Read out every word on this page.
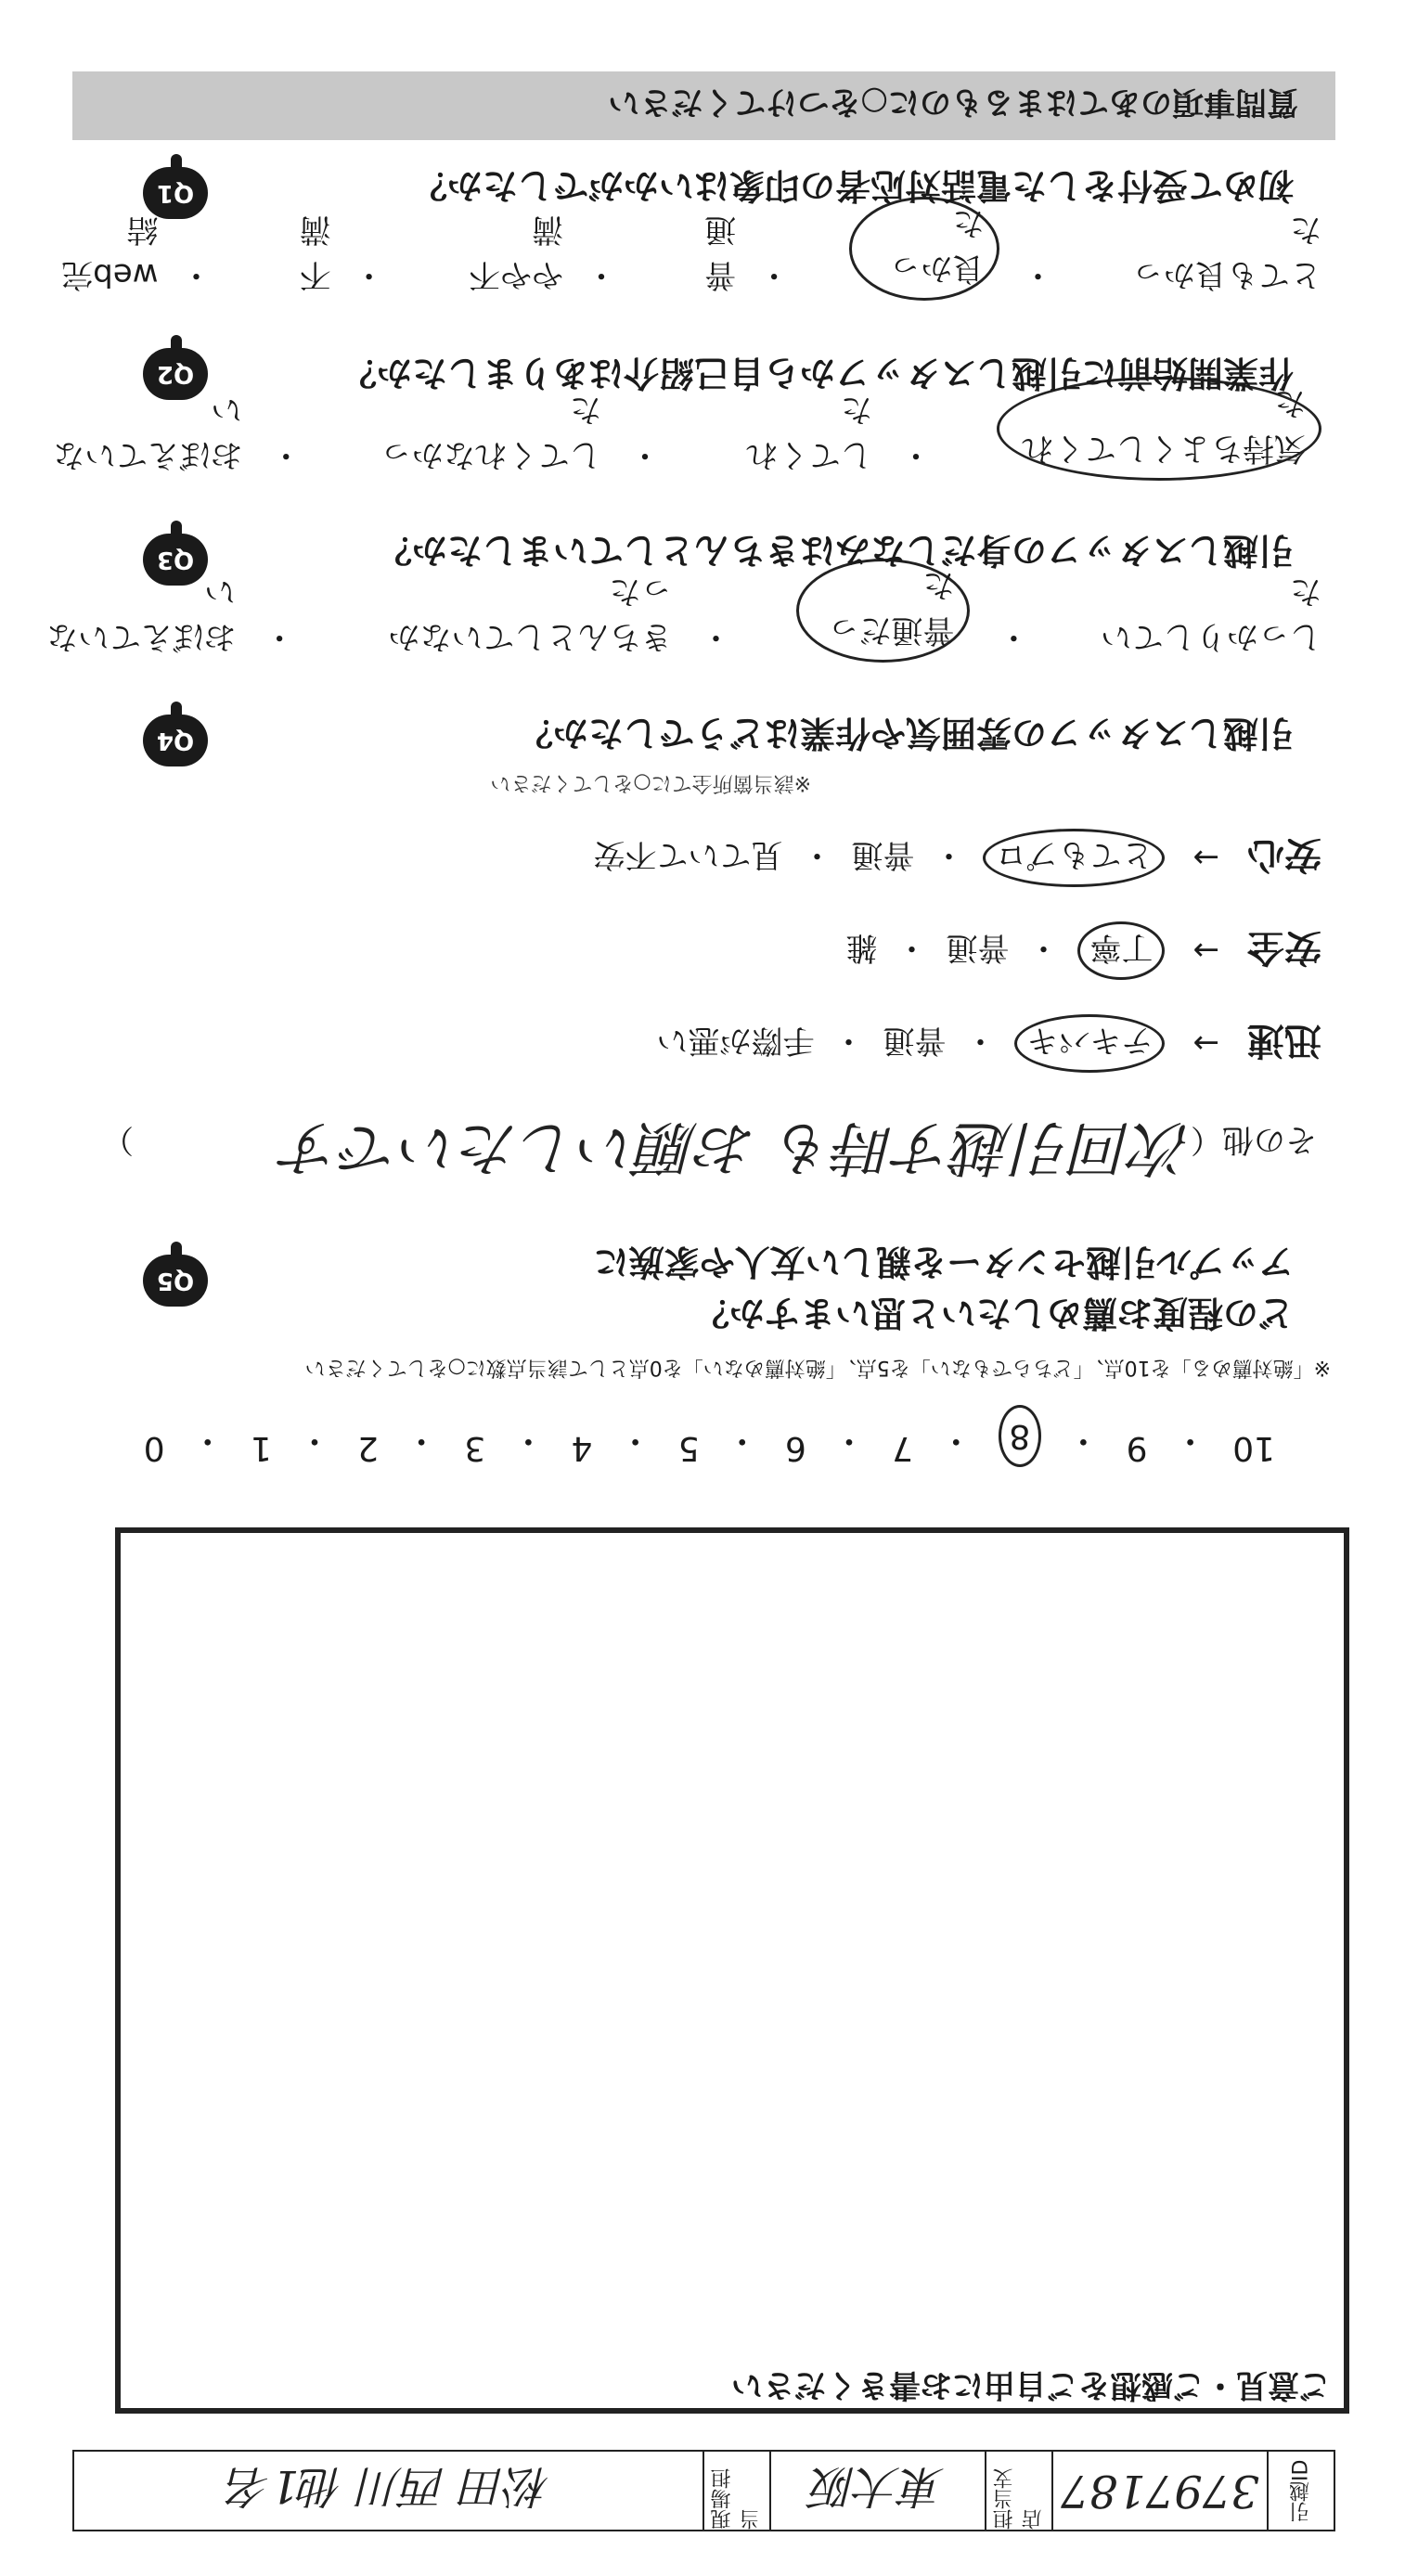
引越ID
3797187
担当支店
東大阪
現場担当
松田 西川 他1名
ご意見・ご感想をご自由にお書きください
10
・
9
・
8
・
7
・
6
・
5
・
4
・
3
・
2
・
1
・
0
※「絶対薦める」を10点、「どちらでもない」を5点、「絶対薦めない」を0点として該当点数に○をしてください
どの程度お薦めしたいと思いますか？
アップル引越センターを親しい友人や家族に
Q5
その他（
次回引越す時も お願いしたいです
）
迅速
→
テキパキ
・
普通
・
手際が悪い
安全
→
丁寧
・
普通
・
雑
安心
→
とてもプロ
・
普通
・
見ていて不安
※該当箇所全てに○をしてください
引越しスタッフの雰囲気や作業はどうでしたか？
Q4
しっかりしていた
・
普通だった
・
きちんとしていなかった
・
おぼえていない
引越しスタッフの身だしなみはきちんとしていましたか？
Q3
気持ちよくしてくれた
・
してくれた
・
してくれなかった
・
おぼえていない
作業開始前に引越しスタッフから自己紹介はありましたか？
Q2
とても良かった
・
良かった
・
普通
・
やや不満
・
不満
・
web完結
初めて受付をした電話対応者の印象はいかがでしたか？
Q1
質問事項のあてはまるものに○をつけてください
